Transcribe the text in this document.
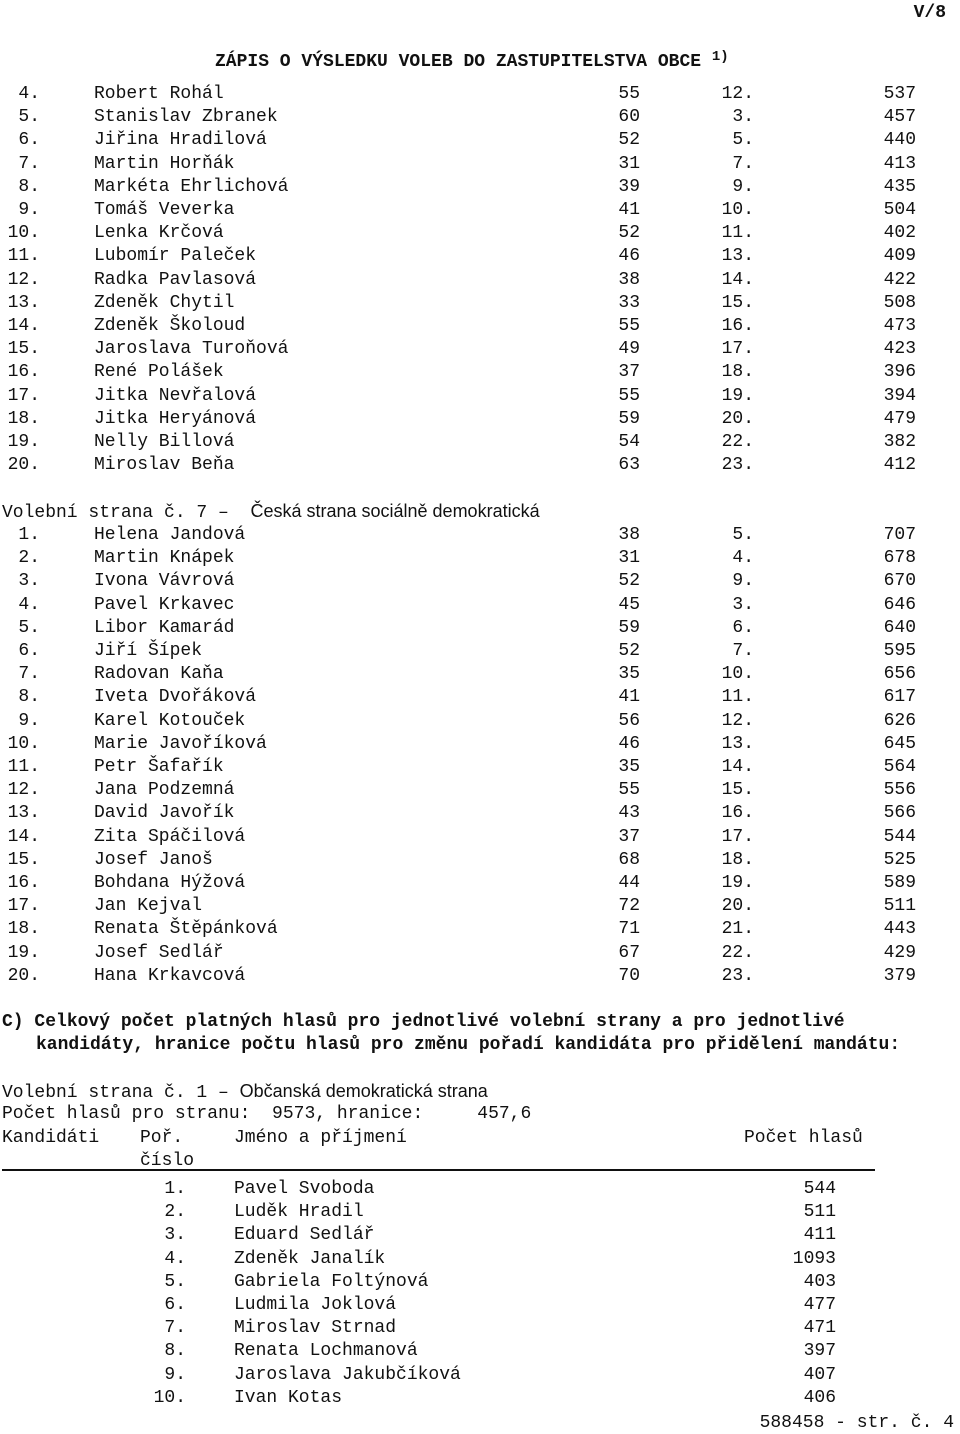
V/8
ZÁPIS O VÝSLEDKU VOLEB DO ZASTUPITELSTVA OBCE $^{1)}$
4.	Robert Rohál	55	12.	537
5.	Stanislav Zbranek	60	3.	457
6.	Jiřina Hradilová	52	5.	440
7.	Martin Horňák	31	7.	413
8.	Markéta Ehrlichová	39	9.	435
9.	Tomáš Veverka	41	10.	504
10.	Lenka Krčová	52	11.	402
11.	Lubomír Paleček	46	13.	409
12.	Radka Pavlasová	38	14.	422
13.	Zdeněk Chytil	33	15.	508
14.	Zdeněk Školoud	55	16.	473
15.	Jaroslava Turoňová	49	17.	423
16.	René Polášek	37	18.	396
17.	Jitka Nevřalová	55	19.	394
18.	Jitka Heryánová	59	20.	479
19.	Nelly Billová	54	22.	382
20.	Miroslav Beňa	63	23.	412
Volební strana č. 7 – Česká strana sociálně demokratická
1.	Helena Jandová	38	5.	707
2.	Martin Knápek	31	4.	678
3.	Ivona Vávrová	52	9.	670
4.	Pavel Krkavec	45	3.	646
5.	Libor Kamarád	59	6.	640
6.	Jiří Šípek	52	7.	595
7.	Radovan Kaňa	35	10.	656
8.	Iveta Dvořáková	41	11.	617
9.	Karel Kotouček	56	12.	626
10.	Marie Javoříková	46	13.	645
11.	Petr Šafařík	35	14.	564
12.	Jana Podzemná	55	15.	556
13.	David Javořík	43	16.	566
14.	Zita Spáčilová	37	17.	544
15.	Josef Janoš	68	18.	525
16.	Bohdana Hýžová	44	19.	589
17.	Jan Kejval	72	20.	511
18.	Renata Štěpánková	71	21.	443
19.	Josef Sedlář	67	22.	429
20.	Hana Krkavcová	70	23.	379
C) Celkový počet platných hlasů pro jednotlivé volební strany a pro jednotlivé
kandidáty, hranice počtu hlasů pro změnu pořadí kandidáta pro přidělení mandátu:
Volební strana č. 1 – Občanská demokratická strana
Počet hlasů pro stranu:  9573, hranice:     457,6
Kandidáti Poř.
číslo
Jméno a příjmení	Počet hlasů
1.	Pavel Svoboda	544
2.	Luděk Hradil	511
3.	Eduard Sedlář	411
4.	Zdeněk Janalík	1093
5.	Gabriela Foltýnová	403
6.	Ludmila Joklová	477
7.	Miroslav Strnad	471
8.	Renata Lochmanová	397
9.	Jaroslava Jakubčíková	407
10.	Ivan Kotas	406
588458 - str. č. 4
